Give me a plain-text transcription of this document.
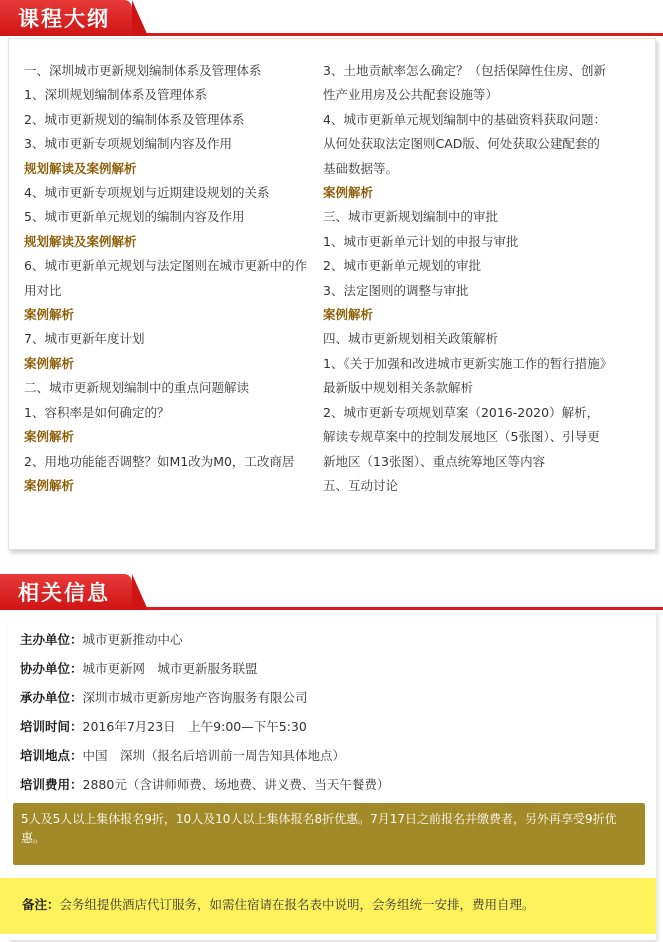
课程大纲
一、深圳城市更新规划编制体系及管理体系
1、深圳规划编制体系及管理体系
2、城市更新规划的编制体系及管理体系
3、城市更新专项规划编制内容及作用
规划解读及案例解析
4、城市更新专项规划与近期建设规划的关系
5、城市更新单元规划的编制内容及作用
规划解读及案例解析
6、城市更新单元规划与法定图则在城市更新中的作用对比
案例解析
7、城市更新年度计划
案例解析
二、城市更新规划编制中的重点问题解读
1、容积率是如何确定的？
案例解析
2、用地功能能否调整？如M1改为M0，工改商居
案例解析
3、土地贡献率怎么确定？（包括保障性住房、创新性产业用房及公共配套设施等）
4、城市更新单元规划编制中的基础资料获取问题：从何处获取法定图则CAD版、何处获取公建配套的基础数据等。
案例解析
三、城市更新规划编制中的审批
1、城市更新单元计划的申报与审批
2、城市更新单元规划的审批
3、法定图则的调整与审批
案例解析
四、城市更新规划相关政策解析
1、《关于加强和改进城市更新实施工作的暂行措施》最新版中规划相关条款解析
2、城市更新专项规划草案（2016-2020）解析，解读专规草案中的控制发展地区（5张图）、引导更新地区（13张图）、重点统筹地区等内容
五、互动讨论
相关信息
主办单位：城市更新推动中心
协办单位：城市更新网　城市更新服务联盟
承办单位：深圳市城市更新房地产咨询服务有限公司
培训时间：2016年7月23日　上午9:00—下午5:30
培训地点：中国　深圳（报名后培训前一周告知具体地点）
培训费用：2880元（含讲师师费、场地费、讲义费、当天午餐费）
5人及5人以上集体报名9折，10人及10人以上集体报名8折优惠。7月17日之前报名并缴费者，另外再享受9折优惠。
备注：会务组提供酒店代订服务，如需住宿请在报名表中说明，会务组统一安排，费用自理。
